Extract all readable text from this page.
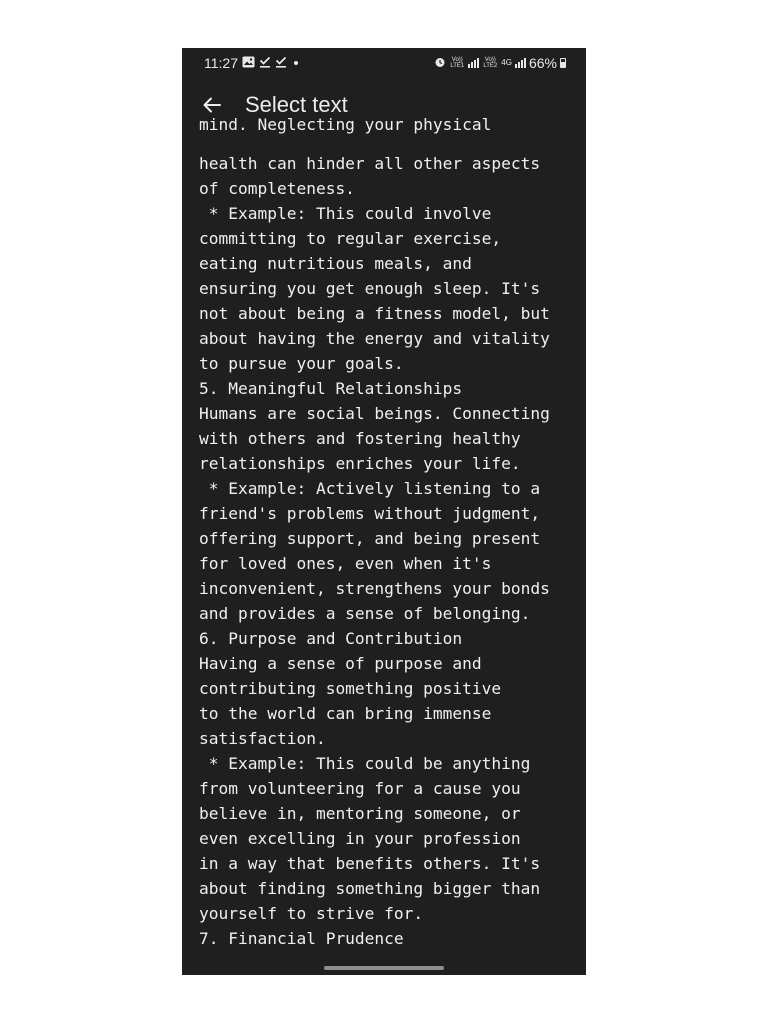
11:27	Vo)) LTE1
Vo)) LTE2 4G 66%
Select text
mind. Neglecting your physical
health can hinder all other aspects
of completeness.
* Example: This could involve
committing to regular exercise,
eating nutritious meals, and
ensuring you get enough sleep. It's
not about being a fitness model, but
about having the energy and vitality
to pursue your goals.
5. Meaningful Relationships
Humans are social beings. Connecting
with others and fostering healthy
relationships enriches your life.
* Example: Actively listening to a
friend's problems without judgment,
offering support, and being present
for loved ones, even when it's
inconvenient, strengthens your bonds
and provides a sense of belonging.
6. Purpose and Contribution
Having a sense of purpose and
contributing something positive
to the world can bring immense
satisfaction.
* Example: This could be anything
from volunteering for a cause you
believe in, mentoring someone, or
even excelling in your profession
in a way that benefits others. It's
about finding something bigger than
yourself to strive for.
7. Financial Prudence
